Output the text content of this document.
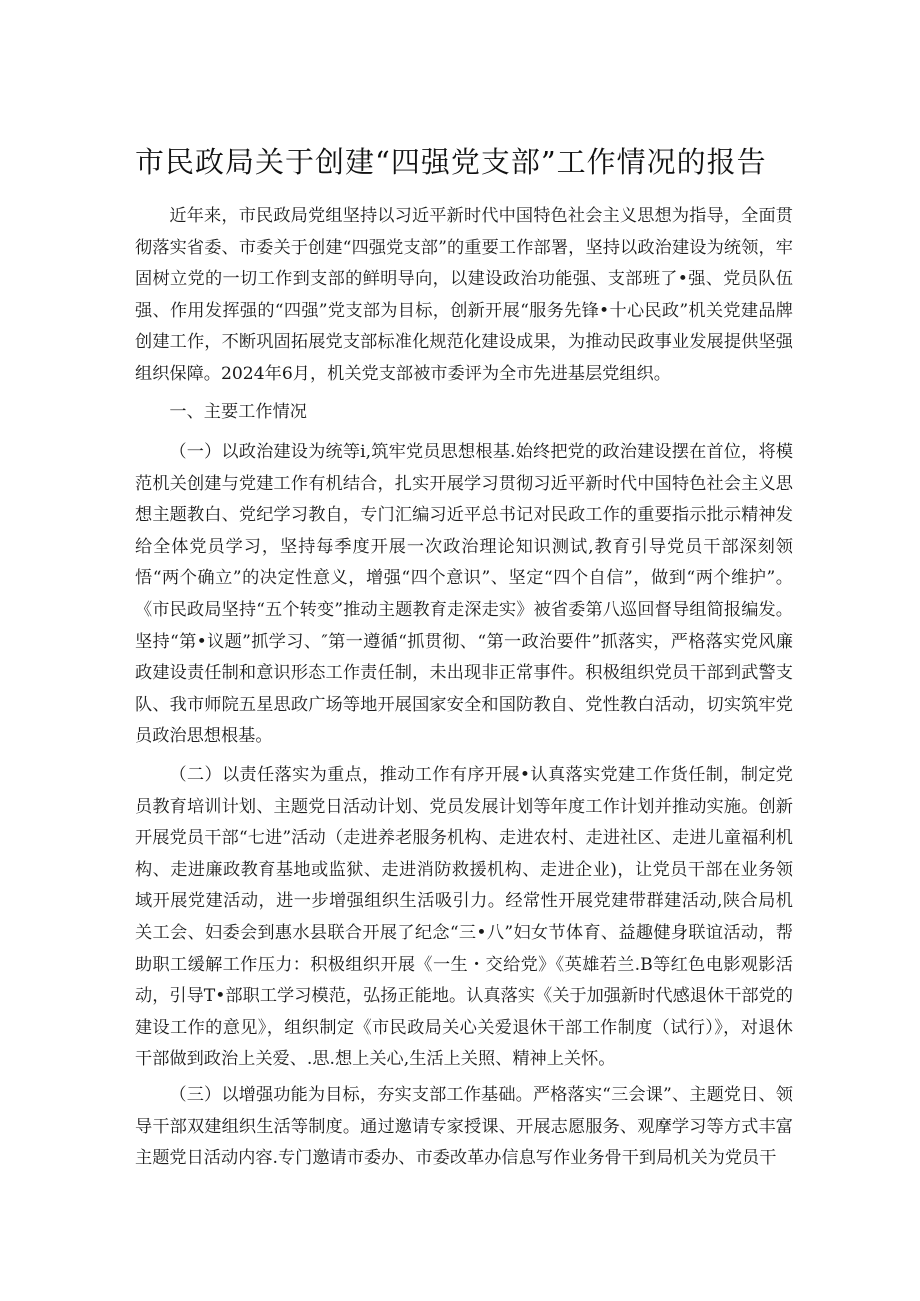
市民政局关于创建“四强党支部”工作情况的报告

近年来，市民政局党组坚持以习近平新时代中国特色社会主义思想为指导，全面贯彻落实省委、市委关于创建“四强党支部”的重要工作部署，坚持以政治建设为统领，牢固树立党的一切工作到支部的鲜明导向，以建设政治功能强、支部班了•强、党员队伍强、作用发挥强的“四强”党支部为目标，创新开展“服务先锋•十心民政”机关党建品牌创建工作，不断巩固拓展党支部标准化规范化建设成果，为推动民政事业发展提供坚强组织保障。2024年6月，机关党支部被市委评为全市先进基层党组织。

一、主要工作情况

（一）以政治建设为统等i,筑牢党员思想根基.始终把党的政治建设摆在首位，将模范机关创建与党建工作有机结合，扎实开展学习贯彻习近平新时代中国特色社会主义思想主题教白、党纪学习教自，专门汇编习近平总书记对民政工作的重要指示批示精神发给全体党员学习，坚持每季度开展一次政治理论知识测试,教育引导党员干部深刻领悟“两个确立”的决定性意义，增强“四个意识”、坚定“四个自信”，做到“两个维护”。《市民政局坚持“五个转变”推动主题教育走深走实》被省委第八巡回督导组简报编发。坚持“第•议题”抓学习、″第一遵循“抓贯彻、“第一政治要件”抓落实，严格落实党风廉政建设责任制和意识形态工作责任制，未出现非正常事件。积极组织党员干部到武警支队、我市师院五星思政广场等地开展国家安全和国防教自、党性教白活动，切实筑牢党员政治思想根基。

（二）以责任落实为重点，推动工作有序开展•认真落实党建工作货任制，制定党员教育培训计划、主题党日活动计划、党员发展计划等年度工作计划并推动实施。创新开展党员干部“七进”活动（走进养老服务机构、走进农村、走进社区、走进儿童福利机构、走进廉政教育基地或监狱、走进消防救援机构、走进企业)，让党员干部在业务领域开展党建活动，进一步增强组织生活吸引力。经常性开展党建带群建活动,陕合局机关工会、妇委会到惠水县联合开展了纪念“三•八”妇女节体育、益趣健身联谊活动，帮助职工缓解工作压力：积极组织开展《一生・交给党》《英雄若兰.B等红色电影观影活动，引导T•部职工学习模范，弘扬正能地。认真落实《关于加强新时代感退休干部党的建设工作的意见》，组织制定《市民政局关心关爱退休干部工作制度（试行）》，对退休干部做到政治上关爱、.思.想上关心,生活上关照、精神上关怀。

（三）以增强功能为目标，夯实支部工作基础。严格落实“三会课”、主题党日、领导干部双建组织生活等制度。通过邀请专家授课、开展志愿服务、观摩学习等方式丰富主题党日活动内容.专门邀请市委办、市委改革办信息写作业务骨干到局机关为党员干
